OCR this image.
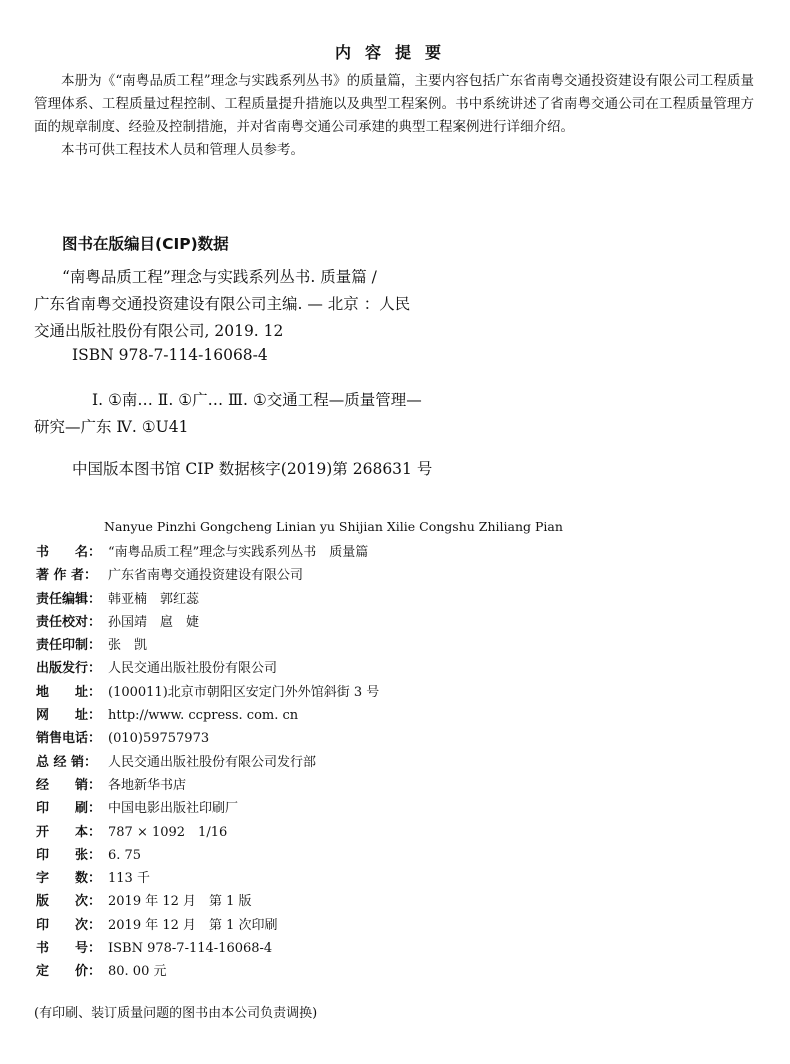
内容提要

本册为《“南粤品质工程”理念与实践系列丛书》的质量篇，主要内容包括广东省南粤交通投资建设有限公司工程质量管理体系、工程质量过程控制、工程质量提升措施以及典型工程案例。书中系统讲述了省南粤交通公司在工程质量管理方面的规章制度、经验及控制措施，并对省南粤交通公司承建的典型工程案例进行详细介绍。

本书可供工程技术人员和管理人员参考。

图书在版编目(CIP)数据
“南粤品质工程”理念与实践系列丛书. 质量篇 /
广东省南粤交通投资建设有限公司主编. — 北京 ：人民
交通出版社股份有限公司, 2019. 12
ISBN 978-7-114-16068-4
Ⅰ. ①南… Ⅱ. ①广… Ⅲ. ①交通工程—质量管理—
研究—广东 Ⅳ. ①U41
中国版本图书馆 CIP 数据核字(2019)第 268631 号
Nanyue Pinzhi Gongcheng Linian yu Shijian Xilie Congshu Zhiliang Pian
书　　名： “南粤品质工程”理念与实践系列丛书　质量篇
著 作 者： 广东省南粤交通投资建设有限公司
责任编辑： 韩亚楠　郭红蕊
责任校对： 孙国靖　扈　婕
责任印制： 张　凯
出版发行： 人民交通出版社股份有限公司
地　　址： (100011)北京市朝阳区安定门外外馆斜街 3 号
网　　址： http://www. ccpress. com. cn
销售电话： (010)59757973
总 经 销： 人民交通出版社股份有限公司发行部
经　　销： 各地新华书店
印　　刷： 中国电影出版社印刷厂
开　　本： 787 × 1092　1/16
印　　张： 6. 75
字　　数： 113 千
版　　次： 2019 年 12 月　第 1 版
印　　次： 2019 年 12 月　第 1 次印刷
书　　号： ISBN 978-7-114-16068-4
定　　价： 80. 00 元
(有印刷、装订质量问题的图书由本公司负责调换)
